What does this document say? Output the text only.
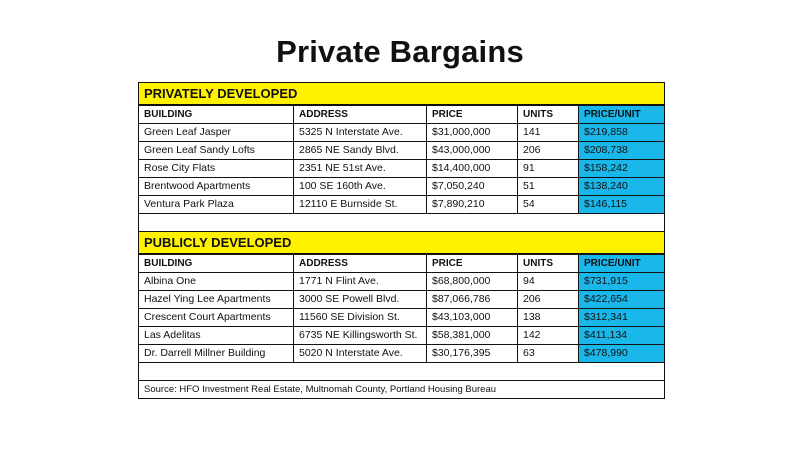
Private Bargains
PRIVATELY DEVELOPED				
BUILDING	ADDRESS	PRICE	UNITS	PRICE/UNIT
Green Leaf Jasper	5325 N Interstate Ave.	$31,000,000	141	$219,858
Green Leaf Sandy Lofts	2865 NE Sandy Blvd.	$43,000,000	206	$208,738
Rose City Flats	2351 NE 51st Ave.	$14,400,000	91	$158,242
Brentwood Apartments	100 SE 160th Ave.	$7,050,240	51	$138,240
Ventura Park Plaza	12110 E Burnside St.	$7,890,210	54	$146,115

PUBLICLY DEVELOPED				
BUILDING	ADDRESS	PRICE	UNITS	PRICE/UNIT
Albina One	1771 N Flint Ave.	$68,800,000	94	$731,915
Hazel Ying Lee Apartments	3000 SE Powell Blvd.	$87,066,786	206	$422,654
Crescent Court Apartments	11560 SE Division St.	$43,103,000	138	$312,341
Las Adelitas	6735 NE Killingsworth St.	$58,381,000	142	$411,134
Dr. Darrell Millner Building	5020 N Interstate Ave.	$30,176,395	63	$478,990

Source: HFO Investment Real Estate, Multnomah County, Portland Housing Bureau				
